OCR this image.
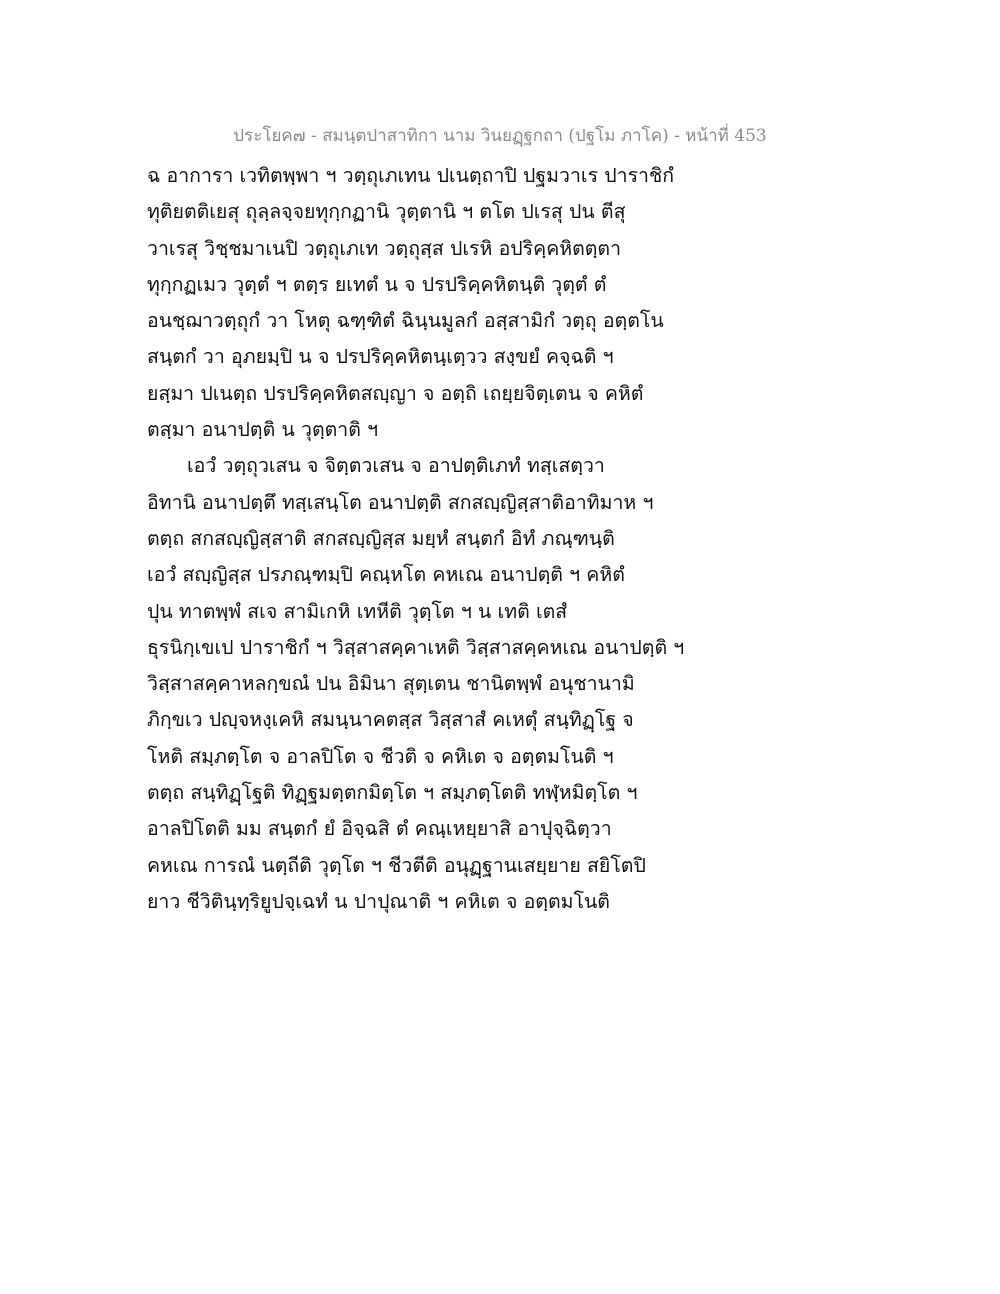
ประโยค๗ - สมนฺตปาสาทิกา นาม วินยฏฺฐกถา (ปฐโม ภาโค) - หน้าที่ 453
ฉ อาการา เวทิตพฺพา ฯ วตฺถุเภเทน ปเนตฺถาปิ ปฐมวาเร ปาราชิกํ
ทุติยตติเยสุ ถุลฺลจฺจยทุกฺกฏานิ วุตฺตานิ ฯ ตโต ปเรสุ ปน ตีสุ
วาเรสุ วิชฺชมาเนปิ วตฺถุเภเท วตฺถุสฺส ปเรหิ อปริคฺคหิตตฺตา
ทุกฺกฏเมว วุตฺตํ ฯ ตตฺร ยเทตํ น จ ปรปริคฺคหิตนฺติ วุตฺตํ ตํ
อนชฺฌาวตฺถุกํ วา โหตุ ฉฑฺฑิตํ ฉินฺนมูลกํ อสฺสามิกํ วตฺถุ อตฺตโน
สนฺตกํ วา อุภยมฺปิ น จ ปรปริคฺคหิตนฺเตฺวว สงฺขยํ คจฺฉติ ฯ
ยสฺมา ปเนตฺถ ปรปริคฺคหิตสญฺญา จ อตฺถิ เถยฺยจิตฺเตน จ คหิตํ
ตสฺมา อนาปตฺติ น วุตฺตาติ ฯ
เอวํ วตฺถุวเสน จ จิตฺตวเสน จ อาปตฺติเภทํ ทสฺเสตฺวา
อิทานิ อนาปตฺตึ ทสฺเสนฺโต อนาปตฺติ สกสญฺญิสฺสาติอาทิมาห ฯ
ตตฺถ สกสญฺญิสฺสาติ สกสญฺญิสฺส มยฺหํ สนฺตกํ อิทํ ภณฺฑนฺติ
เอวํ สญฺญิสฺส ปรภณฺฑมฺปิ คณฺหโต คหเณ อนาปตฺติ ฯ คหิตํ
ปุน ทาตพฺพํ สเจ สามิเกหิ เทหีติ วุตฺโต ฯ น เทติ เตสํ
ธุรนิกฺเขเป ปาราชิกํ ฯ วิสฺสาสคฺคาเหติ วิสฺสาสคฺคหเณ อนาปตฺติ ฯ
วิสฺสาสคฺคาหลกฺขณํ ปน อิมินา สุตฺเตน ชานิตพฺพํ อนุชานามิ
ภิกฺขเว ปญฺจหงฺเคหิ สมนฺนาคตสฺส วิสฺสาสํ คเหตุํ สนฺทิฏฺโฐ จ
โหติ สมฺภตฺโต จ อาลปิโต จ ชีวติ จ คหิเต จ อตฺตมโนติ ฯ
ตตฺถ สนฺทิฏฺโฐติ ทิฏฺฐมตฺตกมิตฺโต ฯ สมฺภตฺโตติ ทฬฺหมิตฺโต ฯ
อาลปิโตติ มม สนฺตกํ ยํ อิจฺฉสิ ตํ คณฺเหยฺยาสิ อาปุจฺฉิตฺวา
คหเณ การณํ นตฺถีติ วุตฺโต ฯ ชีวตีติ อนุฏฺฐานเสยฺยาย สยิโตปิ
ยาว ชีวิตินฺทฺริยูปจฺเฉทํ น ปาปุณาติ ฯ คหิเต จ อตฺตมโนติ
